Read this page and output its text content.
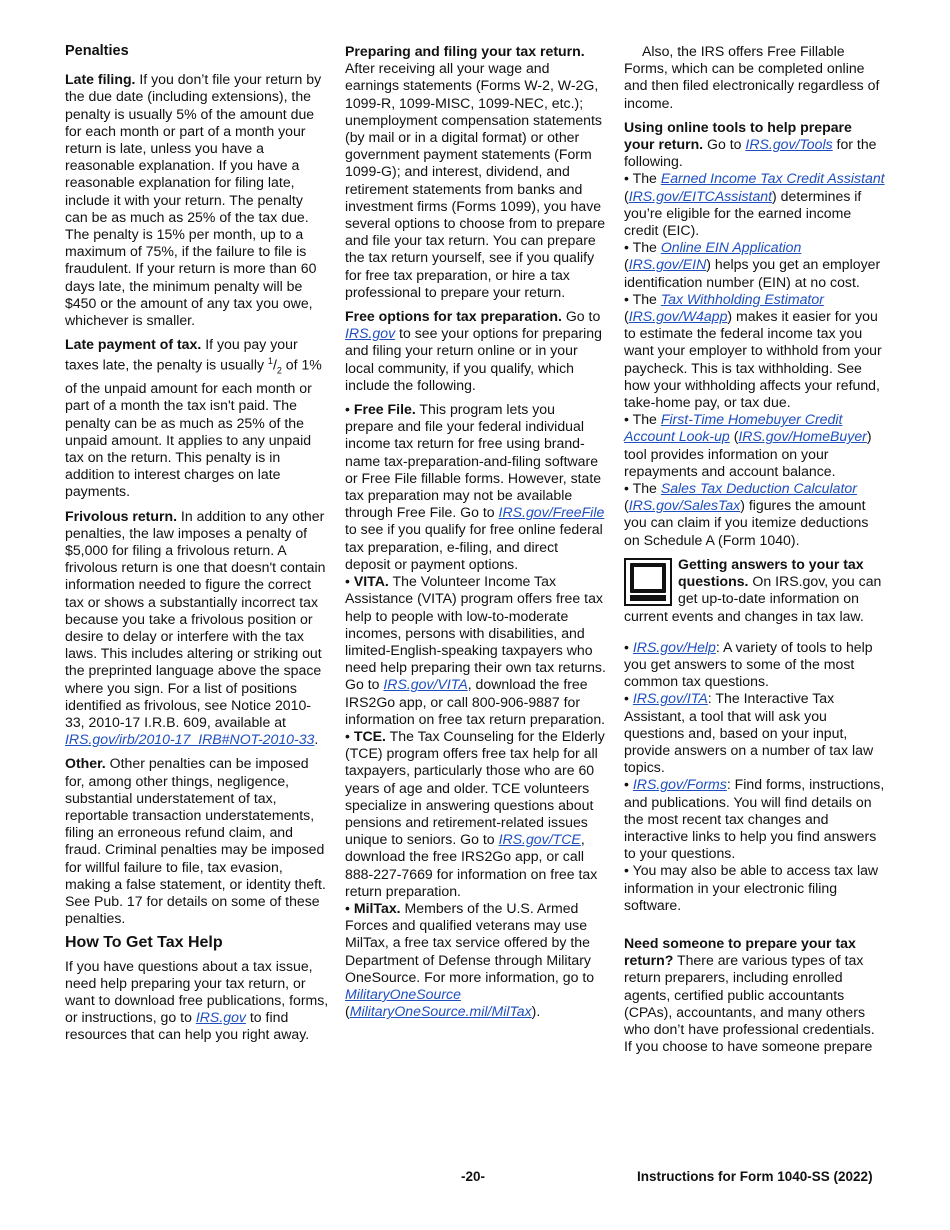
Penalties

Late filing. If you don’t file your return by the due date (including extensions), the penalty is usually 5% of the amount due for each month or part of a month your return is late, unless you have a reasonable explanation. If you have a reasonable explanation for filing late, include it with your return. The penalty can be as much as 25% of the tax due. The penalty is 15% per month, up to a maximum of 75%, if the failure to file is fraudulent. If your return is more than 60 days late, the minimum penalty will be $450 or the amount of any tax you owe, whichever is smaller.

Late payment of tax. If you pay your taxes late, the penalty is usually $^1/_2$ of 1% of the unpaid amount for each month or part of a month the tax isn't paid. The penalty can be as much as 25% of the unpaid amount. It applies to any unpaid tax on the return. This penalty is in addition to interest charges on late payments.

Frivolous return. In addition to any other penalties, the law imposes a penalty of $5,000 for filing a frivolous return. A frivolous return is one that doesn't contain information needed to figure the correct tax or shows a substantially incorrect tax because you take a frivolous position or desire to delay or interfere with the tax laws. This includes altering or striking out the preprinted language above the space where you sign. For a list of positions identified as frivolous, see Notice 2010-33, 2010-17 I.R.B. 609, available at IRS.gov/irb/2010-17_IRB#NOT-2010-33.

Other. Other penalties can be imposed for, among other things, negligence, substantial understatement of tax, reportable transaction understatements, filing an erroneous refund claim, and fraud. Criminal penalties may be imposed for willful failure to file, tax evasion, making a false statement, or identity theft. See Pub. 17 for details on some of these penalties.

How To Get Tax Help

If you have questions about a tax issue, need help preparing your tax return, or want to download free publications, forms, or instructions, go to IRS.gov to find resources that can help you right away.

Preparing and filing your tax return. After receiving all your wage and earnings statements (Forms W-2, W-2G, 1099-R, 1099-MISC, 1099-NEC, etc.); unemployment compensation statements (by mail or in a digital format) or other government payment statements (Form 1099-G); and interest, dividend, and retirement statements from banks and investment firms (Forms 1099), you have several options to choose from to prepare and file your tax return. You can prepare the tax return yourself, see if you qualify for free tax preparation, or hire a tax professional to prepare your return.

Free options for tax preparation. Go to IRS.gov to see your options for preparing and filing your return online or in your local community, if you qualify, which include the following.

• Free File. This program lets you prepare and file your federal individual income tax return for free using brand-name tax-preparation-and-filing software or Free File fillable forms. However, state tax preparation may not be available through Free File. Go to IRS.gov/FreeFile to see if you qualify for free online federal tax preparation, e-filing, and direct deposit or payment options.
• VITA. The Volunteer Income Tax Assistance (VITA) program offers free tax help to people with low-to-moderate incomes, persons with disabilities, and limited-English-speaking taxpayers who need help preparing their own tax returns. Go to IRS.gov/VITA, download the free IRS2Go app, or call 800-906-9887 for information on free tax return preparation.
• TCE. The Tax Counseling for the Elderly (TCE) program offers free tax help for all taxpayers, particularly those who are 60 years of age and older. TCE volunteers specialize in answering questions about pensions and retirement-related issues unique to seniors. Go to IRS.gov/TCE, download the free IRS2Go app, or call 888-227-7669 for information on free tax return preparation.
• MilTax. Members of the U.S. Armed Forces and qualified veterans may use MilTax, a free tax service offered by the Department of Defense through Military OneSource. For more information, go to MilitaryOneSource (MilitaryOneSource.mil/MilTax).

Also, the IRS offers Free Fillable Forms, which can be completed online and then filed electronically regardless of income.

Using online tools to help prepare your return. Go to IRS.gov/Tools for the following.

• The Earned Income Tax Credit Assistant (IRS.gov/EITCAssistant) determines if you’re eligible for the earned income credit (EIC).
• The Online EIN Application (IRS.gov/EIN) helps you get an employer identification number (EIN) at no cost.
• The Tax Withholding Estimator (IRS.gov/W4app) makes it easier for you to estimate the federal income tax you want your employer to withhold from your paycheck. This is tax withholding. See how your withholding affects your refund, take-home pay, or tax due.
• The First-Time Homebuyer Credit Account Look-up (IRS.gov/HomeBuyer) tool provides information on your repayments and account balance.
• The Sales Tax Deduction Calculator (IRS.gov/SalesTax) figures the amount you can claim if you itemize deductions on Schedule A (Form 1040).
Getting answers to your tax questions. On IRS.gov, you can get up-to-date information on current events and changes in tax law.
• IRS.gov/Help: A variety of tools to help you get answers to some of the most common tax questions.
• IRS.gov/ITA: The Interactive Tax Assistant, a tool that will ask you questions and, based on your input, provide answers on a number of tax law topics.
• IRS.gov/Forms: Find forms, instructions, and publications. You will find details on the most recent tax changes and interactive links to help you find answers to your questions.
• You may also be able to access tax law information in your electronic filing software.

Need someone to prepare your tax return? There are various types of tax return preparers, including enrolled agents, certified public accountants (CPAs), accountants, and many others who don’t have professional credentials. If you choose to have someone prepare

-20-	Instructions for Form 1040-SS (2022)
